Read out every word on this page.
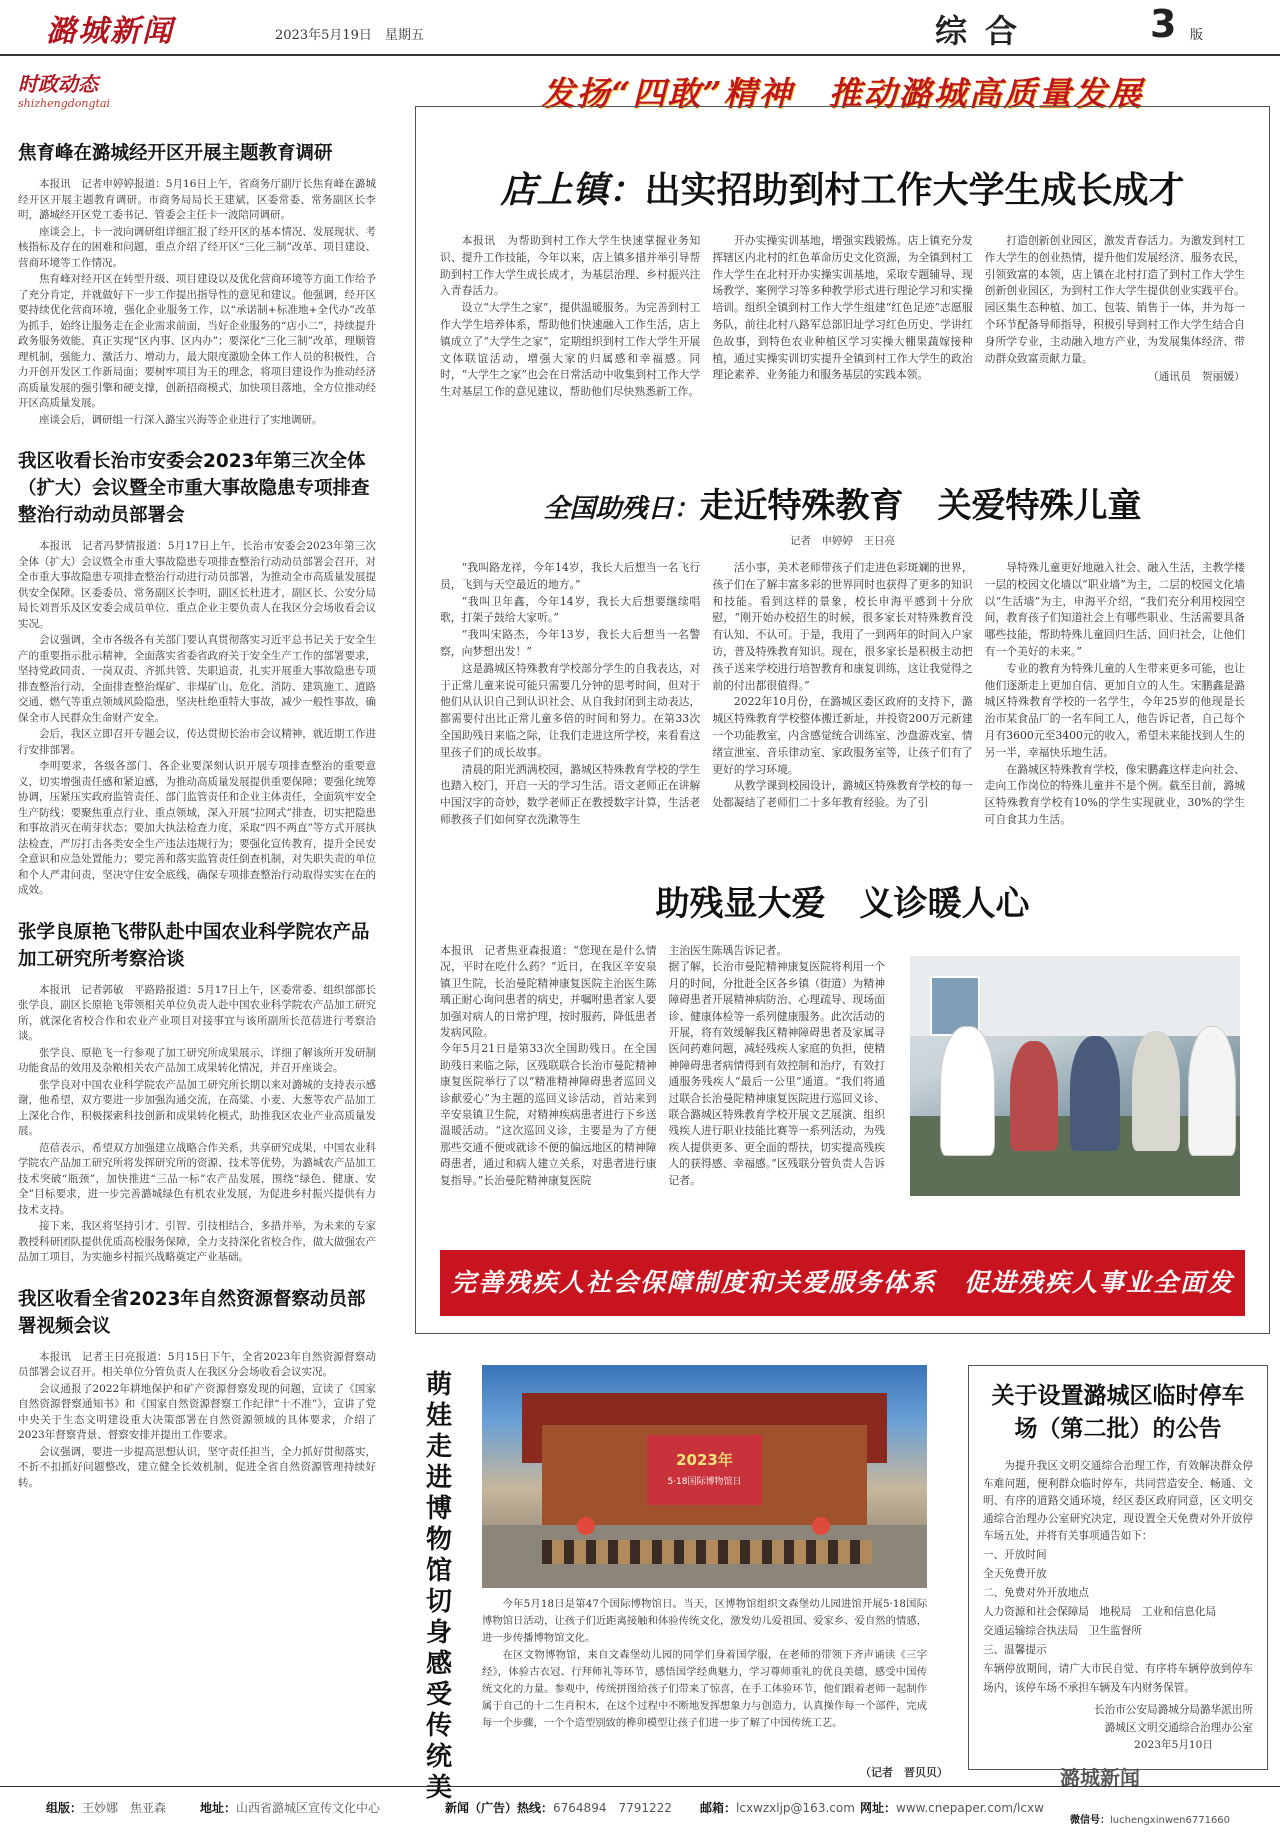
潞城新闻	2023年5月19日　星期五	综合	3 版
时政动态
shizhengdongtai
焦育峰在潞城经开区开展主题教育调研

本报讯　记者申婷婷报道：5月16日上午，省商务厅副厅长焦育峰在潞城经开区开展主题教育调研。市商务局局长王建斌，区委常委、常务副区长李明，潞城经开区党工委书记、管委会主任卡一波陪同调研。

座谈会上，卡一波向调研组详细汇报了经开区的基本情况、发展现状、考核指标及存在的困难和问题，重点介绍了经开区“三化三制”改革、项目建设、营商环境等工作情况。

焦育峰对经开区在转型升级、项目建设以及优化营商环境等方面工作给予了充分肯定，并就做好下一步工作提出指导性的意见和建议。他强调，经开区要持续优化营商环境，强化企业服务工作，以“承诺制+标准地+全代办”改革为抓手，始终让服务走在企业需求前面，当好企业服务的“店小二”，持续提升政务服务效能，真正实现“区内事、区内办”；要深化“三化三制”改革，理顺管理机制，强能力、激活力、增动力，最大限度激励全体工作人员的积极性，合力开创开发区工作新局面；要树牢项目为王的理念，将项目建设作为推动经济高质量发展的强引擎和硬支撑，创新招商模式，加快项目落地，全方位推动经开区高质量发展。

座谈会后，调研组一行深入潞宝兴海等企业进行了实地调研。

我区收看长治市安委会2023年第三次全体（扩大）会议暨全市重大事故隐患专项排查整治行动动员部署会

本报讯　记者冯梦情报道：5月17日上午，长治市安委会2023年第三次全体（扩大）会议暨全市重大事故隐患专项排查整治行动动员部署会召开，对全市重大事故隐患专项排查整治行动进行动员部署，为推动全市高质量发展提供安全保障。区委委员、常务副区长李明，副区长杜进才，副区长、公安分局局长刘晋乐及区安委会成员单位、重点企业主要负责人在我区分会场收看会议实况。

会议强调，全市各级各有关部门要认真贯彻落实习近平总书记关于安全生产的重要指示批示精神，全面落实省委省政府关于安全生产工作的部署要求，坚持党政同责、一岗双责、齐抓共管、失职追责，扎实开展重大事故隐患专项排查整治行动，全面排查整治煤矿、非煤矿山、危化、消防、建筑施工、道路交通、燃气等重点领域风险隐患，坚决杜绝重特大事故，减少一般性事故，确保全市人民群众生命财产安全。

会后，我区立即召开专题会议，传达贯彻长治市会议精神，就近期工作进行安排部署。

李明要求，各级各部门、各企业要深刻认识开展专项排查整治的重要意义，切实增强责任感和紧迫感，为推动高质量发展提供重要保障；要强化统筹协调，压紧压实政府监管责任、部门监管责任和企业主体责任，全面筑牢安全生产防线；要聚焦重点行业、重点领域，深入开展“拉网式”排查，切实把隐患和事故消灭在萌芽状态；要加大执法检查力度，采取“四不两直”等方式开展执法检查，严厉打击各类安全生产违法违规行为；要强化宣传教育，提升全民安全意识和应急处置能力；要完善和落实监管责任倒查机制，对失职失责的单位和个人严肃问责，坚决守住安全底线，确保专项排查整治行动取得实实在在的成效。

张学良原艳飞带队赴中国农业科学院农产品加工研究所考察洽谈

本报讯　记者郭敏　平路路报道：5月17日上午，区委常委、组织部部长张学良，副区长原艳飞带领相关单位负责人赴中国农业科学院农产品加工研究所，就深化省校合作和农业产业项目对接事宜与该所副所长范蓓进行考察洽谈。

张学良、原艳飞一行参观了加工研究所成果展示，详细了解该所开发研制功能食品的效用及杂粮相关农产品加工成果转化情况，并召开座谈会。

张学良对中国农业科学院农产品加工研究所长期以来对潞城的支持表示感谢，他希望，双方要进一步加强沟通交流，在高粱、小麦、大葱等农产品加工上深化合作，积极探索科技创新和成果转化模式，助推我区农业产业高质量发展。

范蓓表示，希望双方加强建立战略合作关系，共享研究成果，中国农业科学院农产品加工研究所将发挥研究所的资源、技术等优势，为潞城农产品加工技术突破“瓶颈”，加快推进“三品一标”农产品发展，围绕“绿色、健康、安全”目标要求，进一步完善潞城绿色有机农业发展，为促进乡村振兴提供有力技术支持。

接下来，我区将坚持引才、引智、引技相结合，多措并举，为未来的专家教授科研团队提供优质高校服务保障，全力支持深化省校合作，做大做强农产品加工项目，为实施乡村振兴战略奠定产业基础。

我区收看全省2023年自然资源督察动员部署视频会议

本报讯　记者王日亮报道：5月15日下午，全省2023年自然资源督察动员部署会议召开。相关单位分管负责人在我区分会场收看会议实况。

会议通报了2022年耕地保护和矿产资源督察发现的问题，宣读了《国家自然资源督察通知书》和《国家自然资源督察工作纪律“十不准”》，宣讲了党中央关于生态文明建设重大决策部署在自然资源领域的具体要求，介绍了2023年督察背景、督察安排并提出工作要求。

会议强调，要进一步提高思想认识，坚守责任担当，全力抓好贯彻落实，不折不扣抓好问题整改，建立健全长效机制，促进全省自然资源管理持续好转。

发扬“四敢”精神　推动潞城高质量发展
店上镇：出实招助到村工作大学生成长成才

本报讯　为帮助到村工作大学生快速掌握业务知识、提升工作技能，今年以来，店上镇多措并举引导帮助到村工作大学生成长成才，为基层治理、乡村振兴注入青春活力。

设立“大学生之家”，提供温暖服务。为完善到村工作大学生培养体系，帮助他们快速融入工作生活，店上镇成立了“大学生之家”，定期组织到村工作大学生开展文体联谊活动，增强大家的归属感和幸福感。同时，“大学生之家”也会在日常活动中收集到村工作大学生对基层工作的意见建议，帮助他们尽快熟悉新工作。

开办实操实训基地，增强实践锻炼。店上镇充分发挥辖区内北村的红色革命历史文化资源，为全镇到村工作大学生在北村开办实操实训基地，采取专题辅导、现场教学、案例学习等多种教学形式进行理论学习和实操培训。组织全镇到村工作大学生组建“红色足迹”志愿服务队，前往北村八路军总部旧址学习红色历史、学讲红色故事，到特色农业种植区学习实操大棚果蔬嫁接种植，通过实操实训切实提升全镇到村工作大学生的政治理论素养、业务能力和服务基层的实践本领。

打造创新创业园区，激发青春活力。为激发到村工作大学生的创业热情，提升他们发展经济、服务农民，引领致富的本领，店上镇在北村打造了到村工作大学生创新创业园区，为到村工作大学生提供创业实践平台。园区集生态种植、加工、包装、销售于一体，并为每一个环节配备导师指导，积极引导到村工作大学生结合自身所学专业，主动融入地方产业，为发展集体经济、带动群众致富贡献力量。

（通讯员　贺丽媛）
全国助残日：走近特殊教育　关爱特殊儿童
记者　申婷婷　王日亮

“我叫路龙祥，今年14岁，我长大后想当一名飞行员，飞到与天空最近的地方。”

“我叫卫年鑫，今年14岁，我长大后想要继续唱歌，打架子鼓给大家听。”

“我叫宋路杰，今年13岁，我长大后想当一名警察，向梦想出发！”

这是潞城区特殊教育学校部分学生的自我表达，对于正常儿童来说可能只需要几分钟的思考时间，但对于他们从认识自己到认识社会、从自我封闭到主动表达，都需要付出比正常儿童多倍的时间和努力。在第33次全国助残日来临之际，让我们走进这所学校，来看看这里孩子们的成长故事。

清晨的阳光洒满校园，潞城区特殊教育学校的学生也踏入校门，开启一天的学习生活。语文老师正在讲解中国汉字的奇妙，数学老师正在教授数字计算，生活老师教孩子们如何穿衣洗漱等生

活小事，美术老师带孩子们走进色彩斑斓的世界，孩子们在了解丰富多彩的世界同时也获得了更多的知识和技能。看到这样的景象，校长申海平感到十分欣慰，“刚开始办校招生的时候，很多家长对特殊教育没有认知、不认可。于是，我用了一到两年的时间入户家访，普及特殊教育知识。现在，很多家长是积极主动把孩子送来学校进行培智教育和康复训练，这让我觉得之前的付出都很值得。”

2022年10月份，在潞城区委区政府的支持下，潞城区特殊教育学校整体搬迁新址，并投资200万元新建一个功能教室，内含感觉统合训练室、沙盘游戏室、情绪宣泄室、音乐律动室、家政服务室等，让孩子们有了更好的学习环境。

从教学课到校园设计，潞城区特殊教育学校的每一处都凝结了老师们二十多年教育经验。为了引

导特殊儿童更好地融入社会、融入生活，主教学楼一层的校园文化墙以“职业墙”为主，二层的校园文化墙以“生活墙”为主，申海平介绍，“我们充分利用校园空间，教育孩子们知道社会上有哪些职业、生活需要具备哪些技能，帮助特殊儿童回归生活、回归社会，让他们有一个美好的未来。”

专业的教育为特殊儿童的人生带来更多可能，也让他们逐渐走上更加自信、更加自立的人生。宋鹏鑫是潞城区特殊教育学校的一名学生，今年25岁的他现是长治市某食品厂的一名车间工人，他告诉记者，自己每个月有3600元至3400元的收入，希望未来能找到人生的另一半，幸福快乐地生活。

在潞城区特殊教育学校，像宋鹏鑫这样走向社会、走向工作岗位的特殊儿童并不是个例。截至目前，潞城区特殊教育学校有10%的学生实现就业，30%的学生可自食其力生活。

助残显大爱　义诊暖人心

本报讯　记者焦亚森报道：“您现在是什么情况，平时在吃什么药？”近日，在我区辛安泉镇卫生院，长治曼陀精神康复医院主治医生陈瑀正耐心询问患者的病史，并嘱咐患者家人要加强对病人的日常护理，按时服药，降低患者发病风险。

今年5月21日是第33次全国助残日。在全国助残日来临之际，区残联联合长治市曼陀精神康复医院举行了以“精准精神障碍患者巡回义诊献爱心”为主题的巡回义诊活动，首站来到辛安泉镇卫生院，对精神疾病患者进行下乡送温暖活动。“这次巡回义诊，主要是为了方便那些交通不便或就诊不便的偏远地区的精神障碍患者，通过和病人建立关系，对患者进行康复指导。”长治曼陀精神康复医院

主治医生陈瑀告诉记者。

据了解，长治市曼陀精神康复医院将利用一个月的时间，分批赴全区各乡镇（街道）为精神障碍患者开展精神病防治、心理疏导、现场面诊、健康体检等一系列健康服务。此次活动的开展，将有效缓解我区精神障碍患者及家属寻医问药难问题，减轻残疾人家庭的负担，使精神障碍患者病情得到有效控制和治疗，有效打通服务残疾人“最后一公里”通道。“我们将通过联合长治曼陀精神康复医院进行巡回义诊、联合潞城区特殊教育学校开展文艺展演、组织残疾人进行职业技能比赛等一系列活动，为残疾人提供更多、更全面的帮扶，切实提高残疾人的获得感、幸福感。”区残联分管负责人告诉记者。

完善残疾人社会保障制度和关爱服务体系　促进残疾人事业全面发展
萌娃走进博物馆　切身感受传统美
2023年
5·18国际博物馆日

今年5月18日是第47个国际博物馆日。当天，区博物馆组织文森堡幼儿园进馆开展5·18国际博物馆日活动，让孩子们近距离接触和体验传统文化，激发幼儿爱祖国、爱家乡、爱自然的情感，进一步传播博物馆文化。

在区文物博物馆，来自文森堡幼儿园的同学们身着国学服，在老师的带领下齐声诵读《三字经》，体验古衣冠、行拜师礼等环节，感悟国学经典魅力，学习尊师重礼的优良美德，感受中国传统文化的力量。参观中，传统拼图给孩子们带来了惊喜，在手工体验环节，他们跟着老师一起制作属于自己的十二生肖积木，在这个过程中不断地发挥想象力与创造力，认真操作每一个部件，完成每一个步骤，一个个造型别致的榫卯模型让孩子们进一步了解了中国传统工艺。

（记者　晋贝贝）
关于设置潞城区临时停车场（第二批）的公告

为提升我区文明交通综合治理工作，有效解决群众停车难问题，便利群众临时停车，共同营造安全、畅通、文明、有序的道路交通环境，经区委区政府同意，区文明交通综合治理办公室研究决定，现设置全天免费对外开放停车场五处，并将有关事项通告如下：

一、开放时间
全天免费开放
二、免费对外开放地点
人力资源和社会保障局　地税局　工业和信息化局
交通运输综合执法局　卫生监督所
三、温馨提示
车辆停放期间，请广大市民自觉、有序将车辆停放到停车场内，该停车场不承担车辆及车内财务保管。
长治市公安局潞城分局潞华派出所
潞城区文明交通综合治理办公室
2023年5月10日
潞城新闻
组版：王妙娜　焦亚森	地址：山西省潞城区宣传文化中心	新闻（广告）热线：6764894　7791222 邮箱：lcxwzxljp@163.com 网址：www.cnepaper.com/lcxw
微信号：luchengxinwen6771660
